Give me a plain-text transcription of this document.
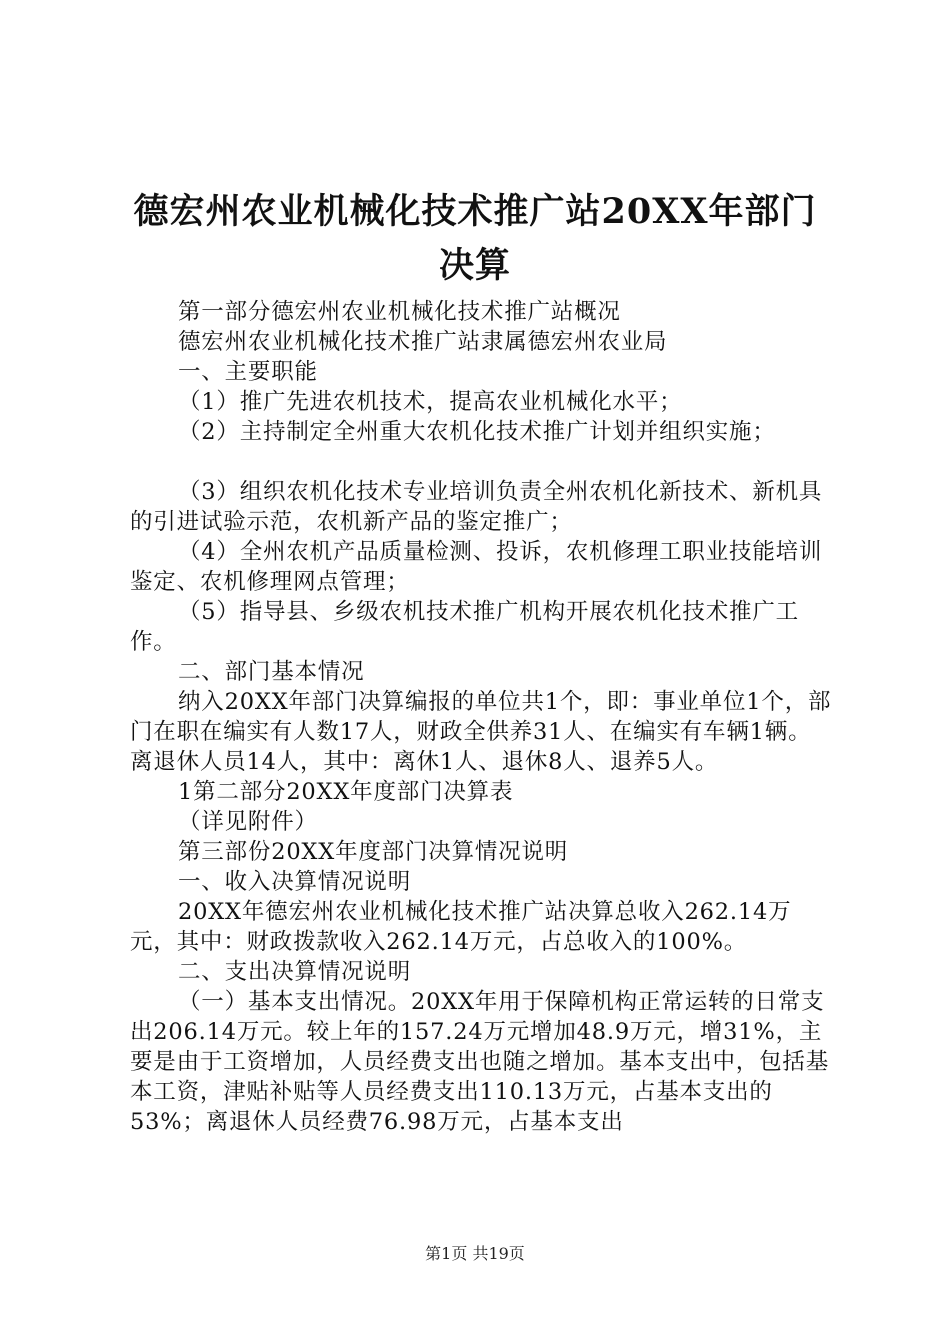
德宏州农业机械化技术推广站20XX年部门决算

第一部分德宏州农业机械化技术推广站概况

德宏州农业机械化技术推广站隶属德宏州农业局

一、主要职能

（1）推广先进农机技术，提高农业机械化水平；

（2）主持制定全州重大农机化技术推广计划并组织实施；

（3）组织农机化技术专业培训负责全州农机化新技术、新机具的引进试验示范，农机新产品的鉴定推广；

（4）全州农机产品质量检测、投诉，农机修理工职业技能培训鉴定、农机修理网点管理；

（5）指导县、乡级农机技术推广机构开展农机化技术推广工作。

二、部门基本情况

纳入20XX年部门决算编报的单位共1个，即：事业单位1个，部门在职在编实有人数17人，财政全供养31人、在编实有车辆1辆。离退休人员14人，其中：离休1人、退休8人、退养5人。

1第二部分20XX年度部门决算表

（详见附件）

第三部份20XX年度部门决算情况说明

一、收入决算情况说明

20XX年德宏州农业机械化技术推广站决算总收入262.14万元，其中：财政拨款收入262.14万元，占总收入的100%。

二、支出决算情况说明

（一）基本支出情况。20XX年用于保障机构正常运转的日常支出206.14万元。较上年的157.24万元增加48.9万元，增31%，主要是由于工资增加，人员经费支出也随之增加。基本支出中，包括基本工资，津贴补贴等人员经费支出110.13万元，占基本支出的53%；离退休人员经费76.98万元，占基本支出

第1页 共19页
